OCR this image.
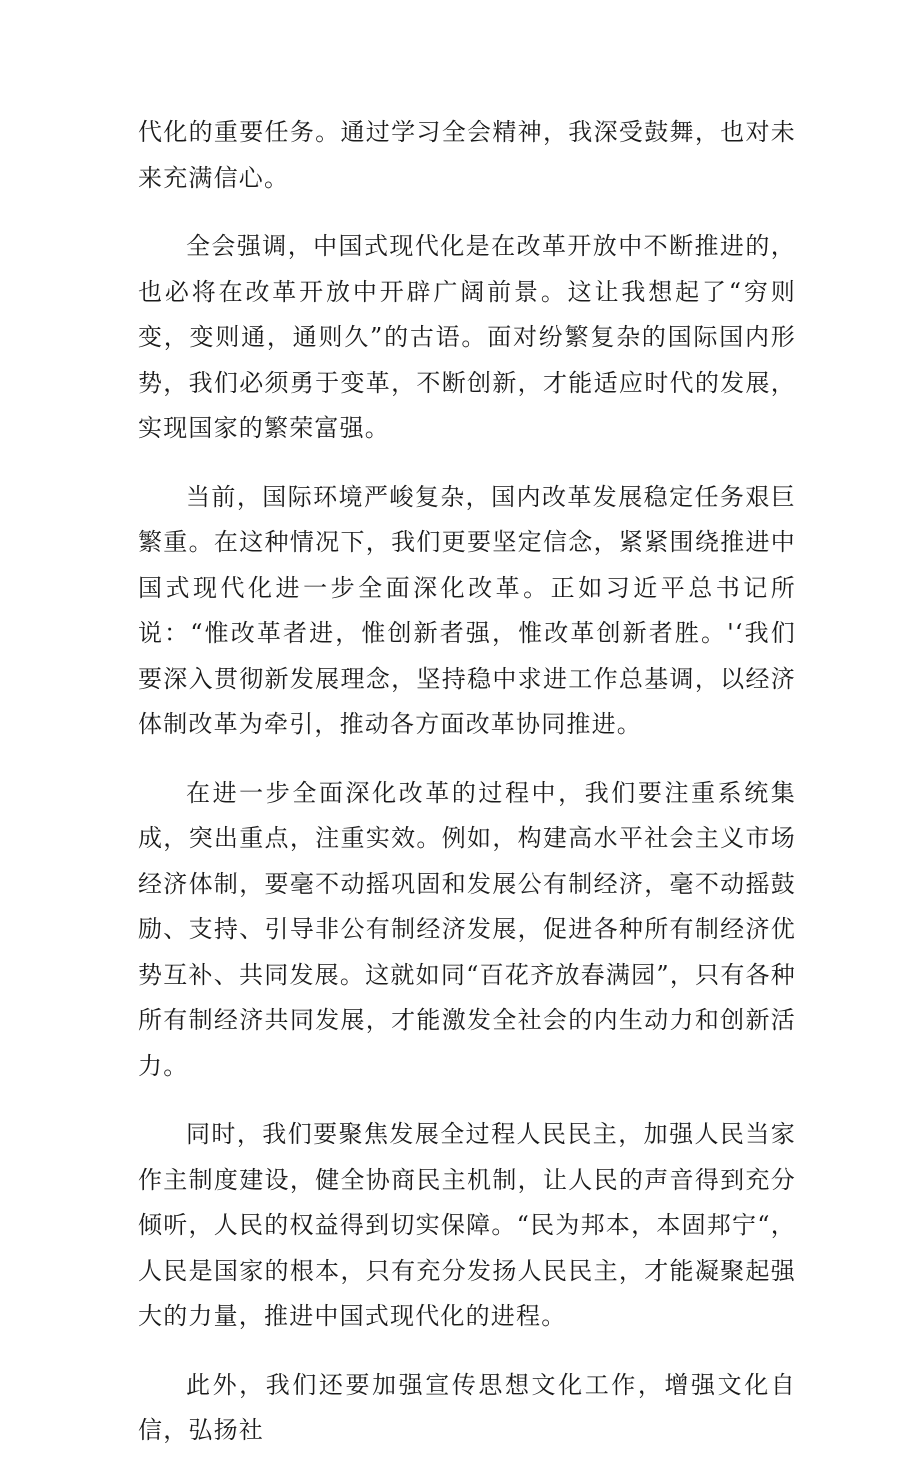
代化的重要任务。通过学习全会精神，我深受鼓舞，也对未来充满信心。

全会强调，中国式现代化是在改革开放中不断推进的，也必将在改革开放中开辟广阔前景。这让我想起了“穷则变，变则通，通则久”的古语。面对纷繁复杂的国际国内形势，我们必须勇于变革，不断创新，才能适应时代的发展，实现国家的繁荣富强。

当前，国际环境严峻复杂，国内改革发展稳定任务艰巨繁重。在这种情况下，我们更要坚定信念，紧紧围绕推进中国式现代化进一步全面深化改革。正如习近平总书记所说：“惟改革者进，惟创新者强，惟改革创新者胜。'‘我们要深入贯彻新发展理念，坚持稳中求进工作总基调，以经济体制改革为牵引，推动各方面改革协同推进。

在进一步全面深化改革的过程中，我们要注重系统集成，突出重点，注重实效。例如，构建高水平社会主义市场经济体制，要毫不动摇巩固和发展公有制经济，毫不动摇鼓励、支持、引导非公有制经济发展，促进各种所有制经济优势互补、共同发展。这就如同“百花齐放春满园”，只有各种所有制经济共同发展，才能激发全社会的内生动力和创新活力。

同时，我们要聚焦发展全过程人民民主，加强人民当家作主制度建设，健全协商民主机制，让人民的声音得到充分倾听，人民的权益得到切实保障。“民为邦本，本固邦宁“，人民是国家的根本，只有充分发扬人民民主，才能凝聚起强大的力量，推进中国式现代化的进程。

此外，我们还要加强宣传思想文化工作，增强文化自信，弘扬社
